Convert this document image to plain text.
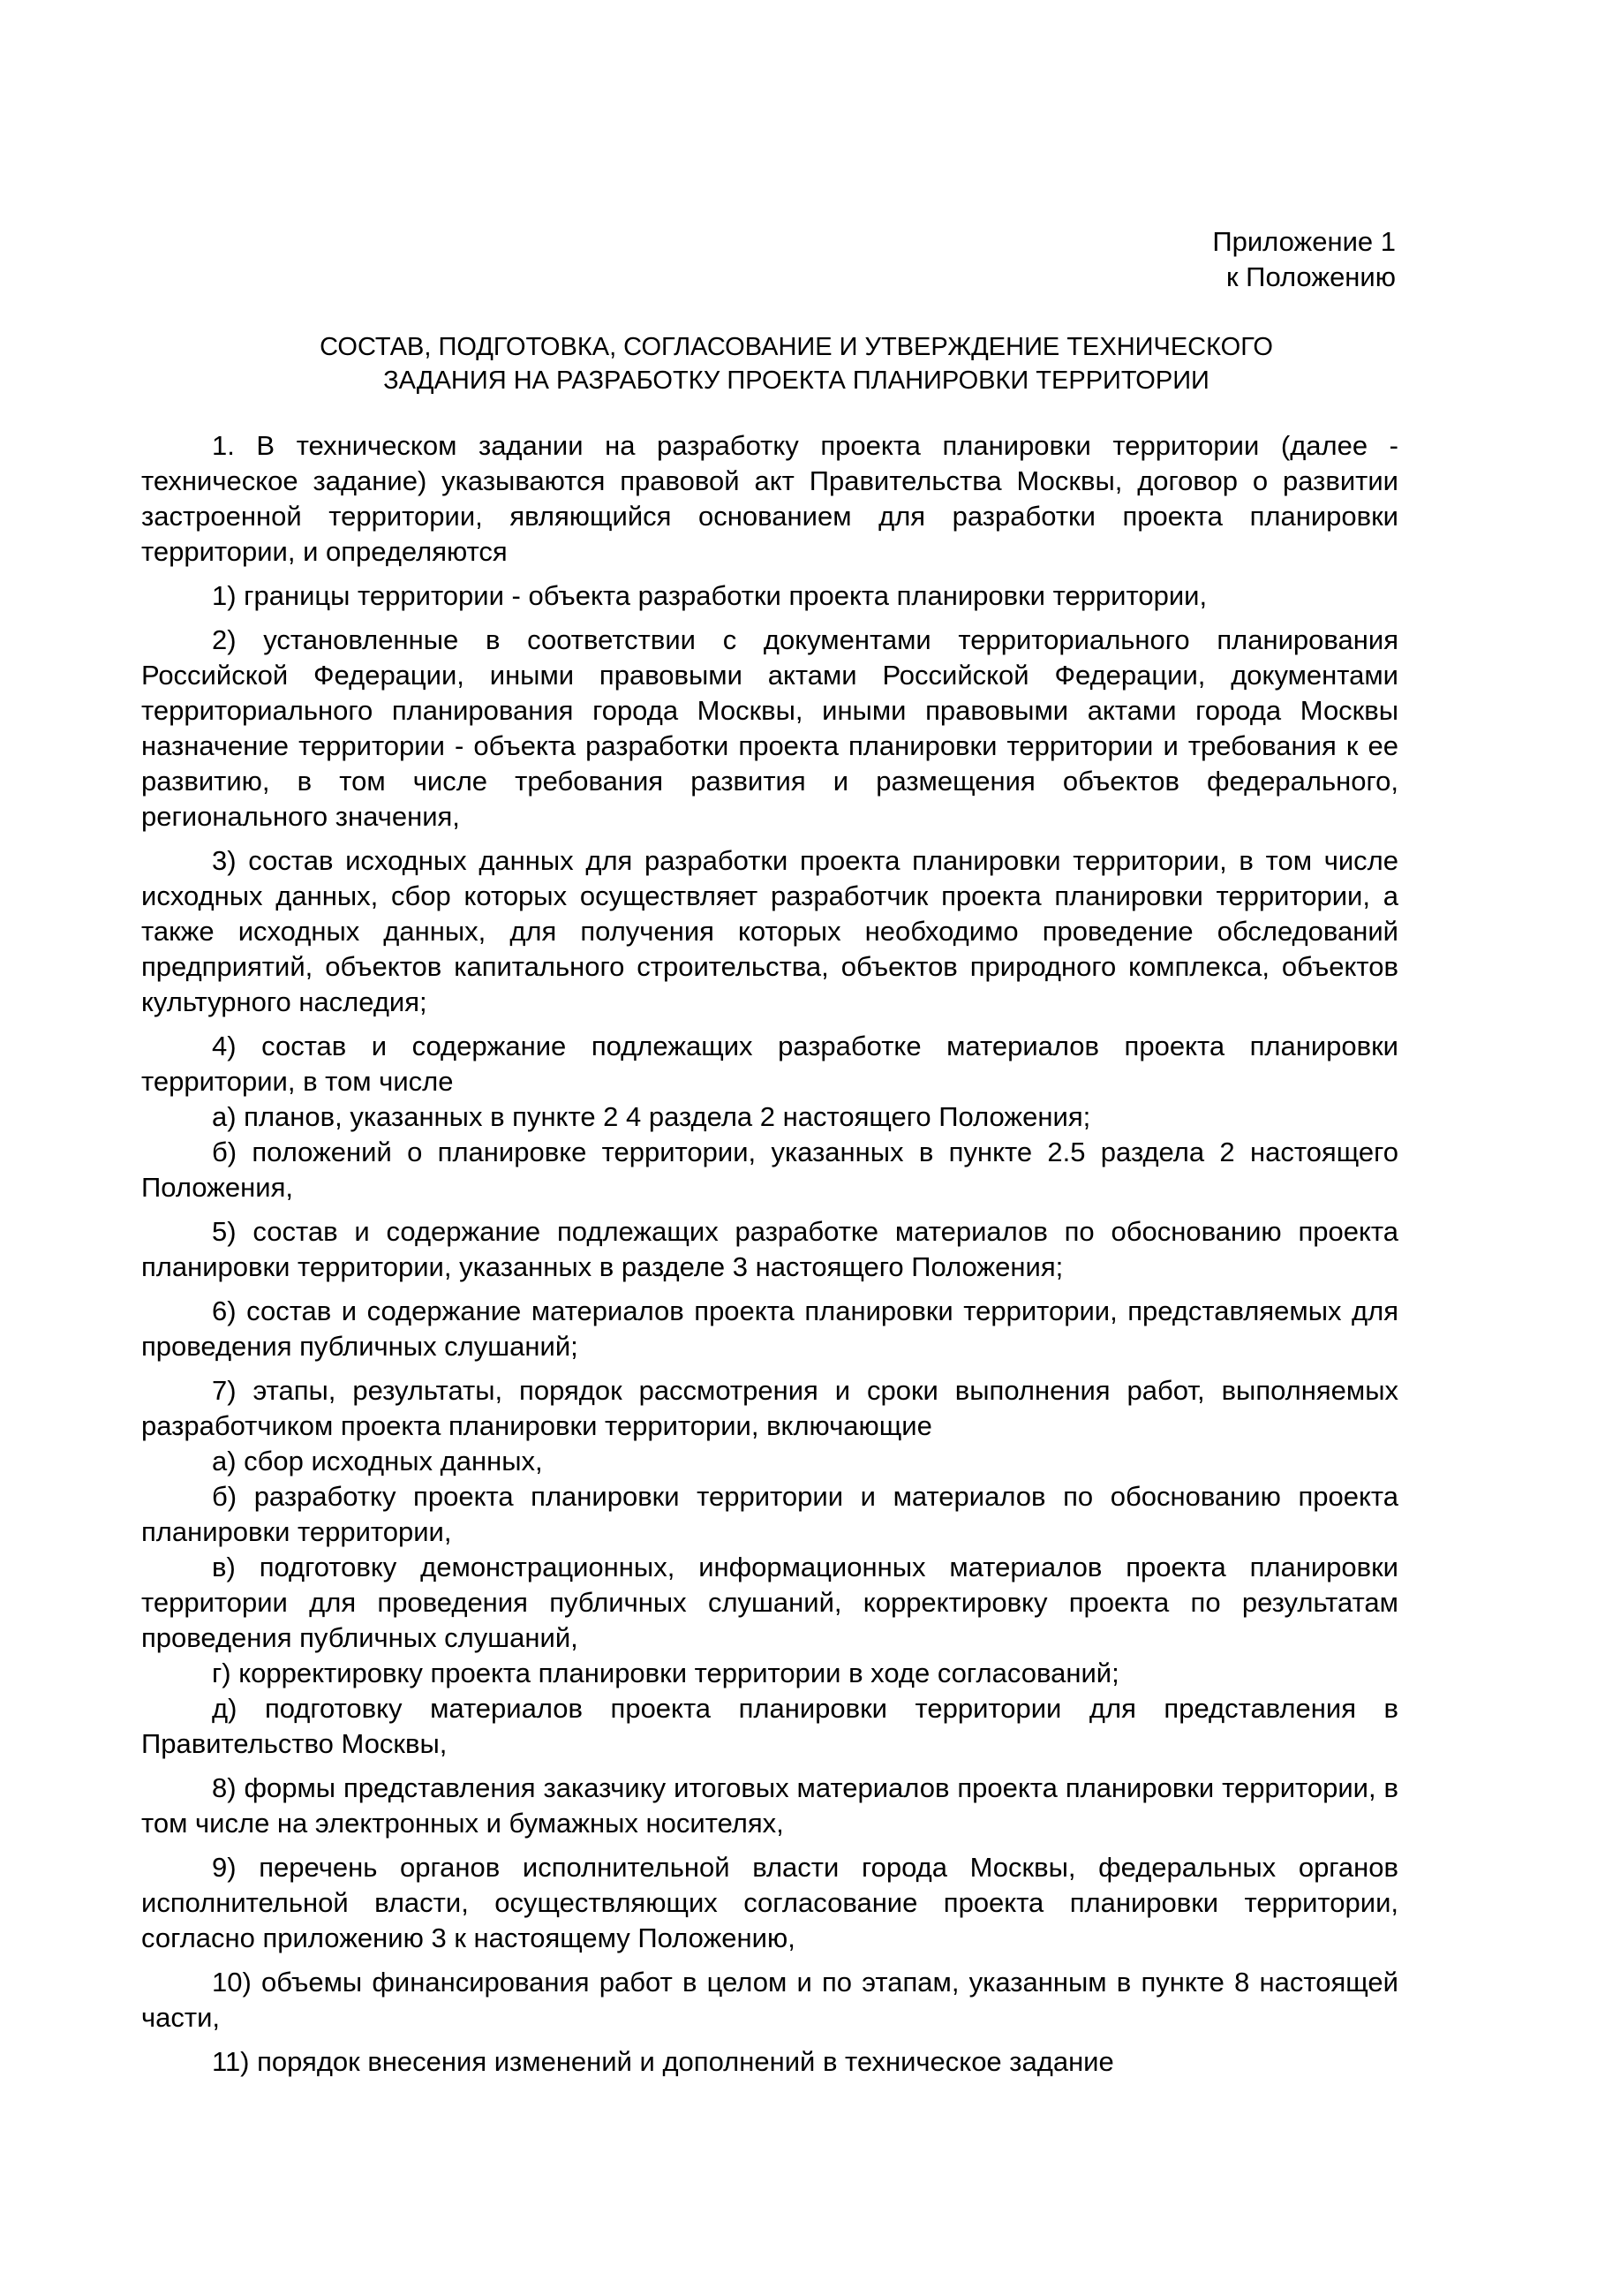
Приложение 1
к Положению
СОСТАВ, ПОДГОТОВКА, СОГЛАСОВАНИЕ И УТВЕРЖДЕНИЕ ТЕХНИЧЕСКОГО
ЗАДАНИЯ НА РАЗРАБОТКУ ПРОЕКТА ПЛАНИРОВКИ ТЕРРИТОРИИ

1. В техническом задании на разработку проекта планировки территории (далее - техническое задание) указываются правовой акт Правительства Москвы, договор о развитии застроенной территории, являющийся основанием для разработки проекта планировки территории, и определяются

1) границы территории - объекта разработки проекта планировки территории,

2) установленные в соответствии с документами территориального планирования Российской Федерации, иными правовыми актами Российской Федерации, документами территориального планирования города Москвы, иными правовыми актами города Москвы назначение территории - объекта разработки проекта планировки территории и требования к ее развитию, в том числе требования развития и размещения объектов федерального, регионального значения,

3) состав исходных данных для разработки проекта планировки территории, в том числе исходных данных, сбор которых осуществляет разработчик проекта планировки территории, а также исходных данных, для получения которых необходимо проведение обследований предприятий, объектов капитального строительства, объектов природного комплекса, объектов культурного наследия;

4) состав и содержание подлежащих разработке материалов проекта планировки территории, в том числе

а) планов, указанных в пункте 2 4 раздела 2 настоящего Положения;

б) положений о планировке территории, указанных в пункте 2.5 раздела 2 настоящего Положения,

5) состав и содержание подлежащих разработке материалов по обоснованию проекта планировки территории, указанных в разделе 3 настоящего Положения;

6) состав и содержание материалов проекта планировки территории, представляемых для проведения публичных слушаний;

7) этапы, результаты, порядок рассмотрения и сроки выполнения работ, выполняемых разработчиком проекта планировки территории, включающие

а) сбор исходных данных,

б) разработку проекта планировки территории и материалов по обоснованию проекта планировки территории,

в) подготовку демонстрационных, информационных материалов проекта планировки территории для проведения публичных слушаний, корректировку проекта по результатам проведения публичных слушаний,

г) корректировку проекта планировки территории в ходе согласований;

д) подготовку материалов проекта планировки территории для представления в Правительство Москвы,

8) формы представления заказчику итоговых материалов проекта планировки территории, в том числе на электронных и бумажных носителях,

9) перечень органов исполнительной власти города Москвы, федеральных органов исполнительной власти, осуществляющих согласование проекта планировки территории, согласно приложению 3 к настоящему Положению,

10) объемы финансирования работ в целом и по этапам, указанным в пункте 8 настоящей части,

11) порядок внесения изменений и дополнений в техническое задание
